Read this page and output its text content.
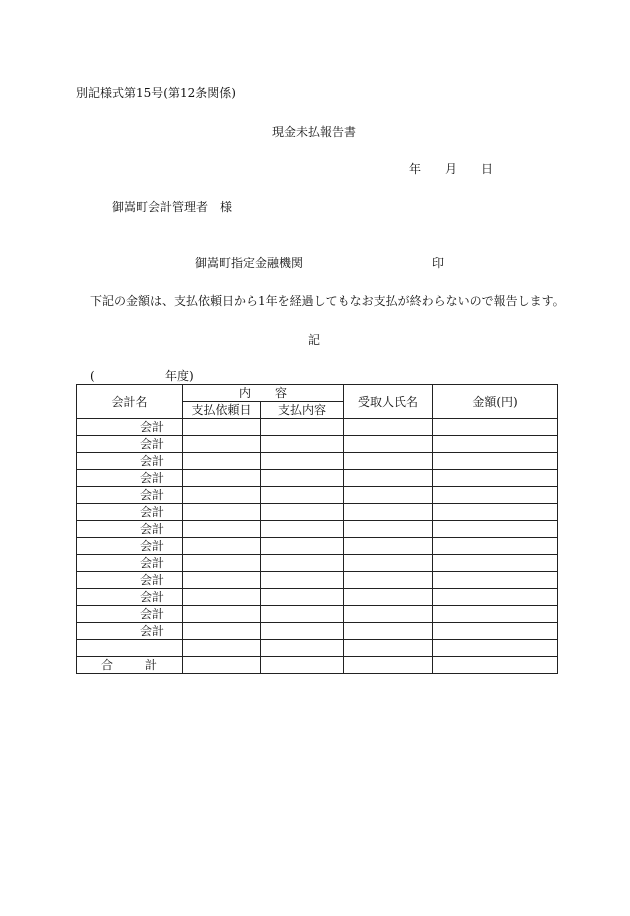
別記様式第15号(第12条関係)
現金未払報告書
年 月 日
御嵩町会計管理者　様
御嵩町指定金融機関	印
下記の金額は、支払依頼日から1年を経過してもなお支払が終わらないので報告します。
記
(	年度)
会計名	内　　容		受取人氏名	金額(円)
	支払依頼日	支払内容		
会計				
会計				
会計				
会計				
会計				
会計				
会計				
会計				
会計				
会計				
会計				
会計				
会計				

合 計				
